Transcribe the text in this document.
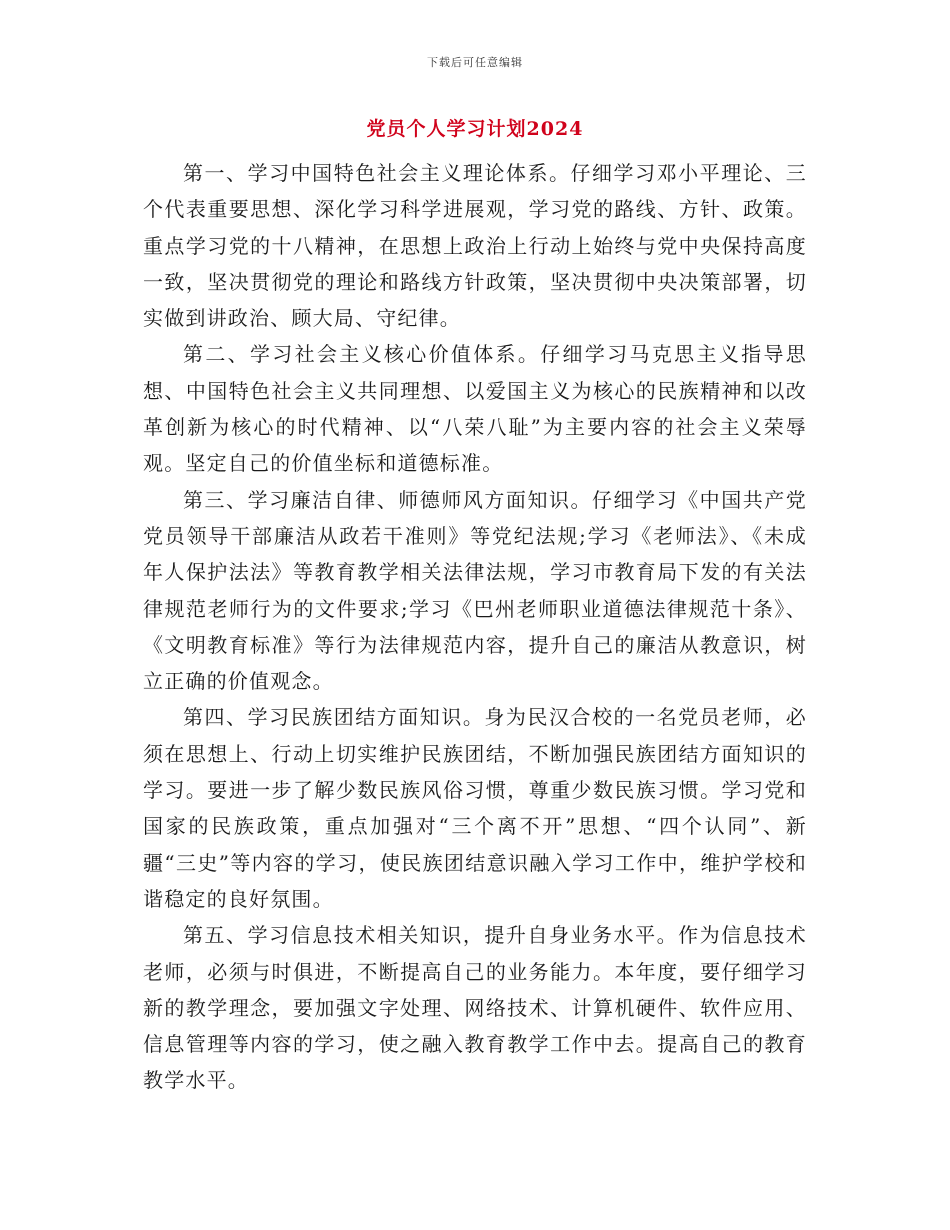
下载后可任意编辑
党员个人学习计划2024

第一、学习中国特色社会主义理论体系。仔细学习邓小平理论、三个代表重要思想、深化学习科学进展观，学习党的路线、方针、政策。重点学习党的十八精神，在思想上政治上行动上始终与党中央保持高度一致，坚决贯彻党的理论和路线方针政策，坚决贯彻中央决策部署，切实做到讲政治、顾大局、守纪律。

第二、学习社会主义核心价值体系。仔细学习马克思主义指导思想、中国特色社会主义共同理想、以爱国主义为核心的民族精神和以改革创新为核心的时代精神、以“八荣八耻”为主要内容的社会主义荣辱观。坚定自己的价值坐标和道德标准。

第三、学习廉洁自律、师德师风方面知识。仔细学习《中国共产党党员领导干部廉洁从政若干准则》等党纪法规;学习《老师法》、《未成年人保护法法》等教育教学相关法律法规，学习市教育局下发的有关法律规范老师行为的文件要求;学习《巴州老师职业道德法律规范十条》、《文明教育标准》等行为法律规范内容，提升自己的廉洁从教意识，树立正确的价值观念。

第四、学习民族团结方面知识。身为民汉合校的一名党员老师，必须在思想上、行动上切实维护民族团结，不断加强民族团结方面知识的学习。要进一步了解少数民族风俗习惯，尊重少数民族习惯。学习党和国家的民族政策，重点加强对“三个离不开”思想、“四个认同”、新疆“三史”等内容的学习，使民族团结意识融入学习工作中，维护学校和谐稳定的良好氛围。

第五、学习信息技术相关知识，提升自身业务水平。作为信息技术老师，必须与时俱进，不断提高自己的业务能力。本年度，要仔细学习新的教学理念，要加强文字处理、网络技术、计算机硬件、软件应用、信息管理等内容的学习，使之融入教育教学工作中去。提高自己的教育教学水平。
